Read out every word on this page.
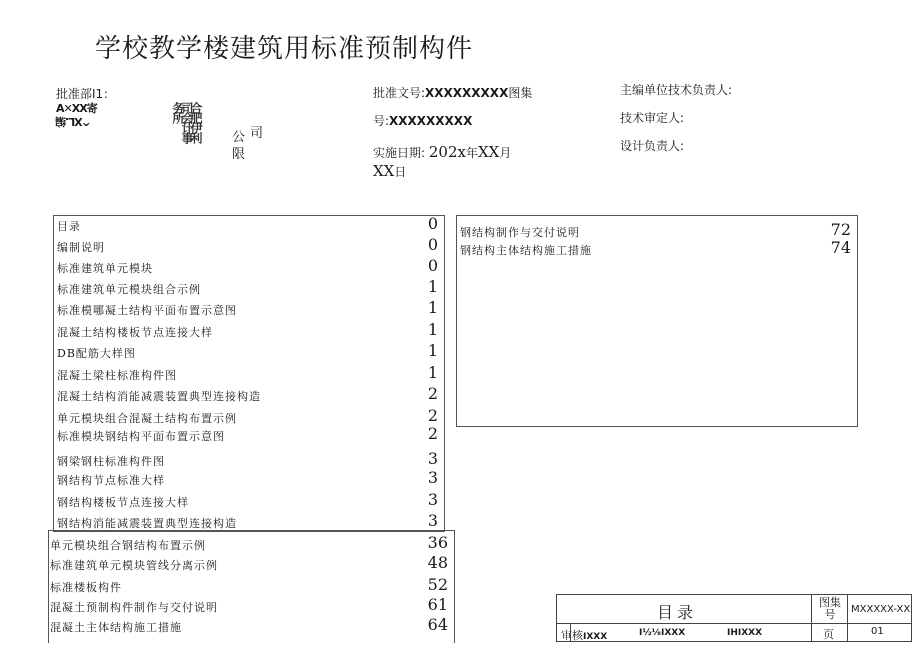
学校教学楼建筑用标准预制构件
批准部I1：
A✕XX寄
^XL.编	合肥伊利司会计事务所
司
公
限
批准文号:XXXXXXXXX图集
号:XXXXXXXXX
实施日期: 202x年XX月
XX日
主编单位技术负责人:
技术审定人:
设计负责人:
目录	0
编制说明	0
标准建筑单元模块	0
标准建筑单元模块组合示例	1
标准模哪凝土结构平面布置示意图	1
混凝土结构楼板节点连接大样	1
DB配筋大样图	1
混凝土梁柱标准构件图	1
混凝土结构消能减震装置典型连接构造	2
单元模块组合混凝土结构布置示例	2
标准模块钢结构平面布置示意图	2
钢梁钢柱标准构件图	3
钢结构节点标准大样	3
钢结构楼板节点连接大样	3
钢结构消能减震装置典型连接构造	3
单元模块组合钢结构布置示例	36
标准建筑单元模块管线分离示例	48
标准楼板构件	52
混凝土预制构件制作与交付说明	61
混凝土主体结构施工措施	64
钢结构制作与交付说明	72
钢结构主体结构施工措施	74
目录
图集号	MXXXXX-XX
审核IXXX	I½⅛IXXX	IHIXXX	页	01
